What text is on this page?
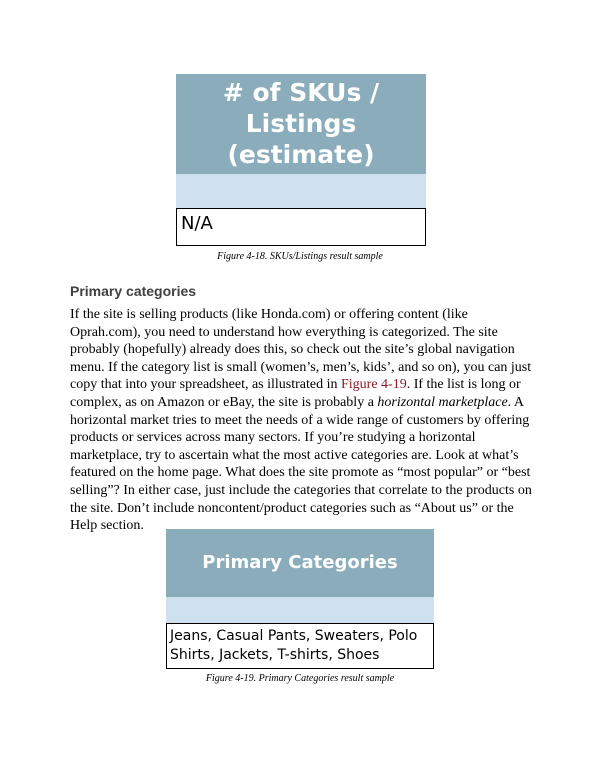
# of SKUs /
Listings
(estimate)
N/A
Figure 4-18. SKUs/Listings result sample
Primary categories
If the site is selling products (like Honda.com) or offering content (like Oprah.com), you need to understand how everything is categorized. The site probably (hopefully) already does this, so check out the site’s global navigation menu. If the category list is small (women’s, men’s, kids’, and so on), you can just copy that into your spreadsheet, as illustrated in Figure 4-19. If the list is long or complex, as on Amazon or eBay, the site is probably a horizontal marketplace. A horizontal market tries to meet the needs of a wide range of customers by offering products or services across many sectors. If you’re studying a horizontal marketplace, try to ascertain what the most active categories are. Look at what’s featured on the home page. What does the site promote as “most popular” or “best selling”? In either case, just include the categories that correlate to the products on the site. Don’t include noncontent/product categories such as “About us” or the Help section.
Primary Categories
Jeans, Casual Pants, Sweaters, Polo
Shirts, Jackets, T-shirts, Shoes
Figure 4-19. Primary Categories result sample
